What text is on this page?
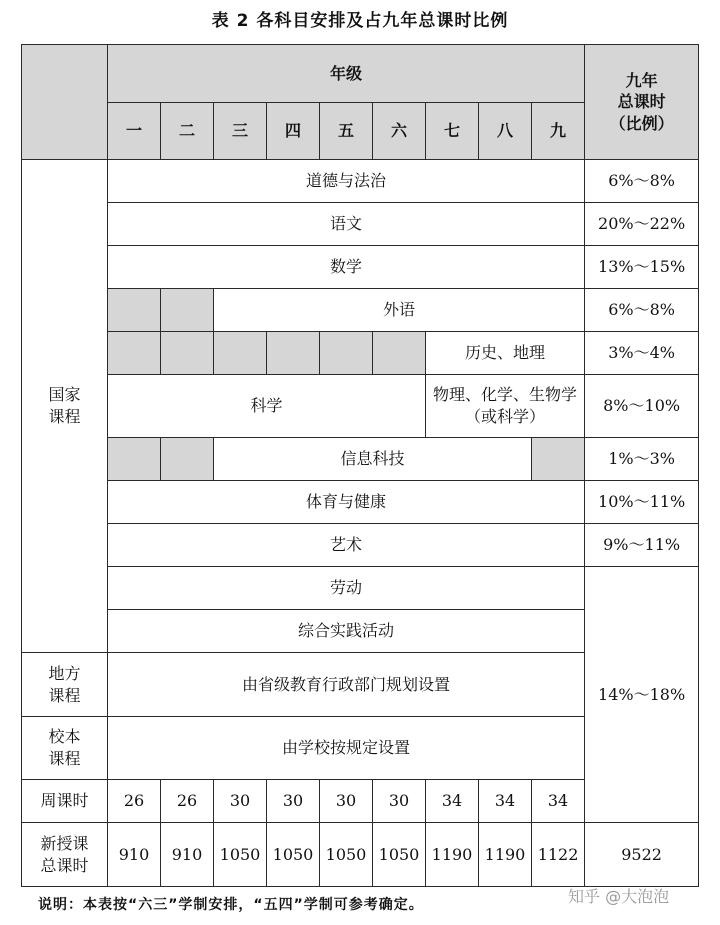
表 2 各科目安排及占九年总课时比例
	年级									九年
总课时
（比例）
	一	二	三	四	五	六	七	八	九	
国家
课程	道德与法治									6%～8%
	语文									20%～22%
	数学									13%～15%
			外语							6%～8%
							历史、地理			3%～4%
	科学						物理、化学、生物学（或科学）			8%～10%
			信息科技							1%～3%
	体育与健康									10%～11%
	艺术									9%～11%
	劳动									14%～18%
	综合实践活动									
地方
课程	由省级教育行政部门规划设置									
校本
课程	由学校按规定设置									
周课时	26	26	30	30	30	30	34	34	34	
新授课
总课时	910	910	1050	1050	1050	1050	1190	1190	1122	9522
说明：本表按“六三”学制安排，“五四”学制可参考确定。	知乎 @大泡泡
